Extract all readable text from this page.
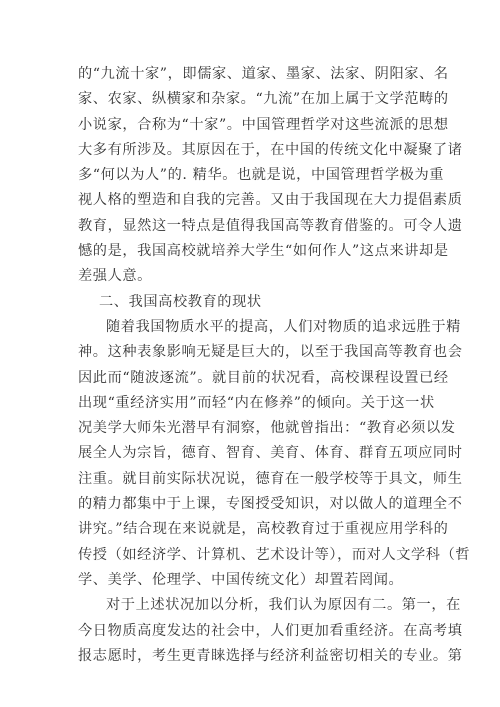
的“九流十家”，即儒家、道家、墨家、法家、阴阳家、名
家、农家、纵横家和杂家。“九流”在加上属于文学范畴的
小说家，合称为“十家”。中国管理哲学对这些流派的思想
大多有所涉及。其原因在于，在中国的传统文化中凝聚了诸
多“何以为人”的. 精华。也就是说，中国管理哲学极为重
视人格的塑造和自我的完善。又由于我国现在大力提倡素质
教育，显然这一特点是值得我国高等教育借鉴的。可令人遗
憾的是，我国高校就培养大学生“如何作人”这点来讲却是
差强人意。

二、我国高校教育的现状

随着我国物质水平的提高，人们对物质的追求远胜于精
神。这种表象影响无疑是巨大的，以至于我国高等教育也会
因此而“随波逐流”。就目前的状况看，高校课程设置已经
出现“重经济实用”而轻“内在修养”的倾向。关于这一状
况美学大师朱光潜早有洞察，他就曾指出：“教育必须以发
展全人为宗旨，德育、智育、美育、体育、群育五项应同时
注重。就目前实际状况说，德育在一般学校等于具文，师生
的精力都集中于上课，专图授受知识，对以做人的道理全不
讲究。”结合现在来说就是，高校教育过于重视应用学科的
传授（如经济学、计算机、艺术设计等），而对人文学科（哲
学、美学、伦理学、中国传统文化）却置若罔闻。

对于上述状况加以分析，我们认为原因有二。第一，在
今日物质高度发达的社会中，人们更加看重经济。在高考填
报志愿时，考生更青睐选择与经济利益密切相关的专业。第
